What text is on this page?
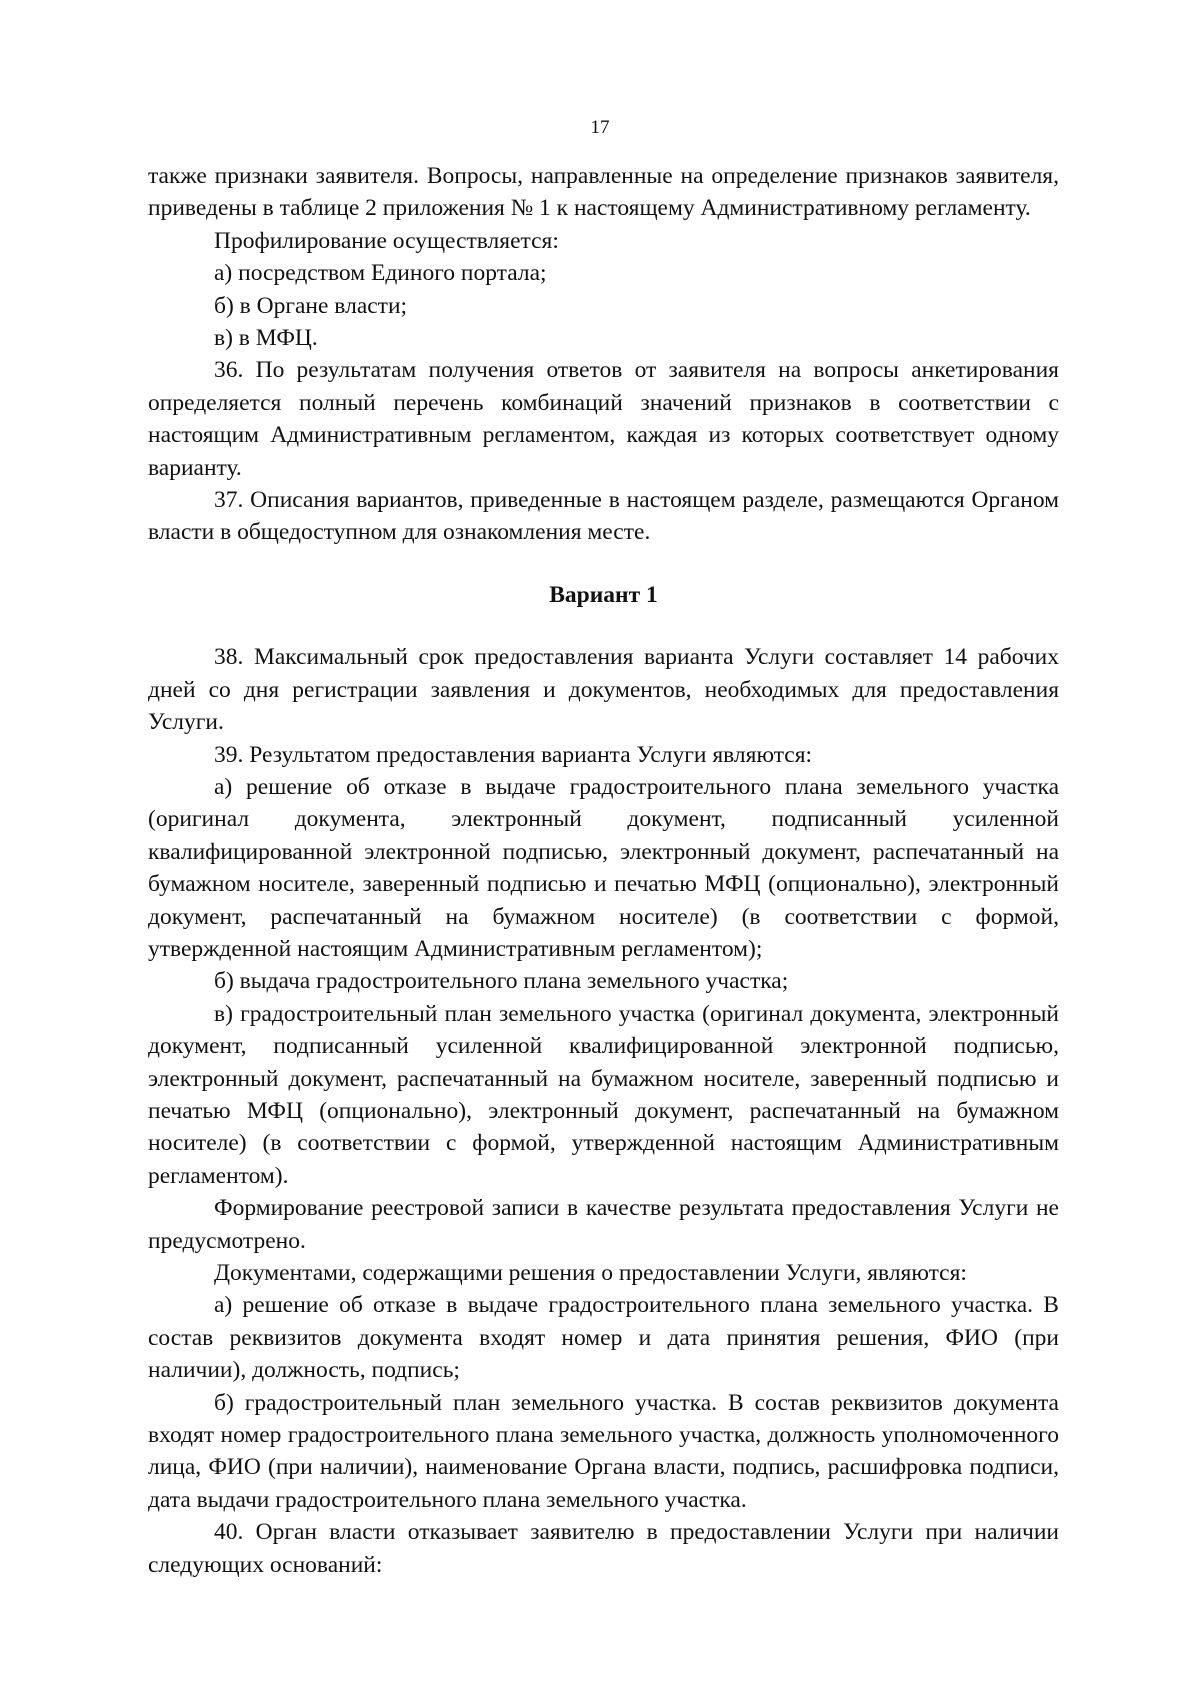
17

также признаки заявителя. Вопросы, направленные на определение признаков заявителя, приведены в таблице 2 приложения № 1 к настоящему Административному регламенту.

Профилирование осуществляется:

а) посредством Единого портала;

б) в Органе власти;

в) в МФЦ.

36. По результатам получения ответов от заявителя на вопросы анкетирования определяется полный перечень комбинаций значений признаков в соответствии с настоящим Административным регламентом, каждая из которых соответствует одному варианту.

37. Описания вариантов, приведенные в настоящем разделе, размещаются Органом власти в общедоступном для ознакомления месте.

Вариант 1

38. Максимальный срок предоставления варианта Услуги составляет 14 рабочих дней со дня регистрации заявления и документов, необходимых для предоставления Услуги.

39. Результатом предоставления варианта Услуги являются:

а) решение об отказе в выдаче градостроительного плана земельного участка (оригинал документа, электронный документ, подписанный усиленной квалифицированной электронной подписью, электронный документ, распечатанный на бумажном носителе, заверенный подписью и печатью МФЦ (опционально), электронный документ, распечатанный на бумажном носителе) (в соответствии с формой, утвержденной настоящим Административным регламентом);

б) выдача градостроительного плана земельного участка;

в) градостроительный план земельного участка (оригинал документа, электронный документ, подписанный усиленной квалифицированной электронной подписью, электронный документ, распечатанный на бумажном носителе, заверенный подписью и печатью МФЦ (опционально), электронный документ, распечатанный на бумажном носителе) (в соответствии с формой, утвержденной настоящим Административным регламентом).

Формирование реестровой записи в качестве результата предоставления Услуги не предусмотрено.

Документами, содержащими решения о предоставлении Услуги, являются:

а) решение об отказе в выдаче градостроительного плана земельного участка. В состав реквизитов документа входят номер и дата принятия решения, ФИО (при наличии), должность, подпись;

б) градостроительный план земельного участка. В состав реквизитов документа входят номер градостроительного плана земельного участка, должность уполномоченного лица, ФИО (при наличии), наименование Органа власти, подпись, расшифровка подписи, дата выдачи градостроительного плана земельного участка.

40. Орган власти отказывает заявителю в предоставлении Услуги при наличии следующих оснований:
